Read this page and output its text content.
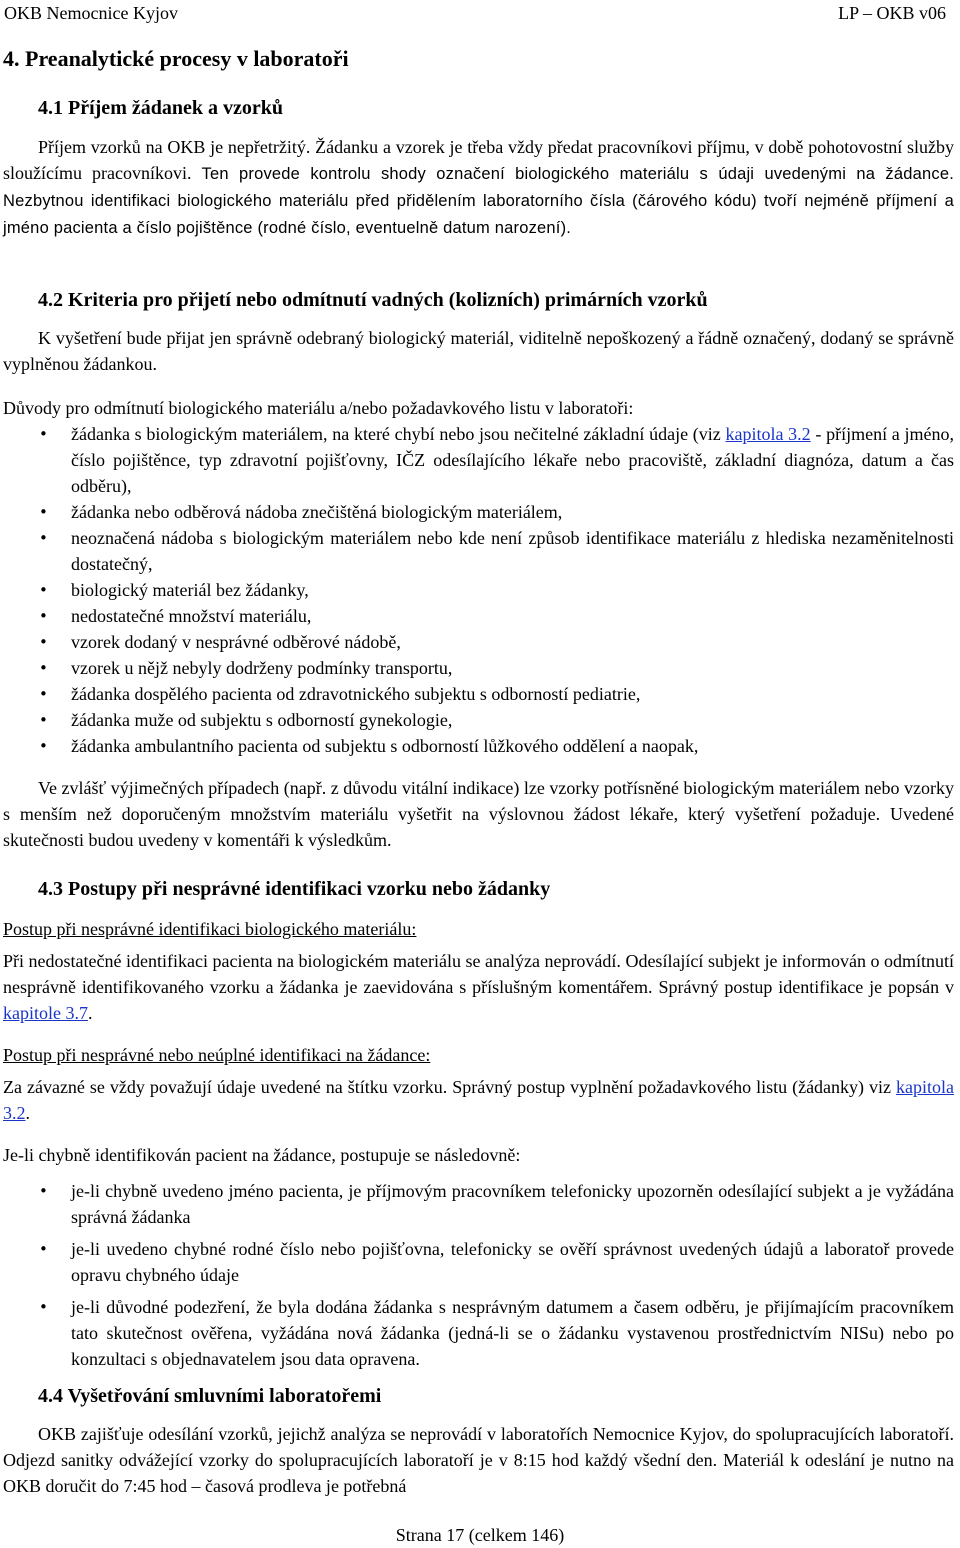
OKB Nemocnice Kyjov	LP – OKB v06
4. Preanalytické procesy v laboratoři
4.1 Příjem žádanek a vzorků

Příjem vzorků na OKB je nepřetržitý. Žádanku a vzorek je třeba vždy předat pracovníkovi příjmu, v době pohotovostní služby sloužícímu pracovníkovi. Ten provede kontrolu shody označení biologického materiálu s údaji uvedenými na žádance. Nezbytnou identifikaci biologického materiálu před přidělením laboratorního čísla (čárového kódu) tvoří nejméně příjmení a jméno pacienta a číslo pojištěnce (rodné číslo, eventuelně datum narození).

4.2 Kriteria pro přijetí nebo odmítnutí vadných (kolizních) primárních vzorků

K vyšetření bude přijat jen správně odebraný biologický materiál, viditelně nepoškozený a řádně označený, dodaný se správně vyplněnou žádankou.

Důvody pro odmítnutí biologického materiálu a/nebo požadavkového listu v laboratoři:

• žádanka s biologickým materiálem, na které chybí nebo jsou nečitelné základní údaje (viz kapitola 3.2 - příjmení a jméno, číslo pojištěnce, typ zdravotní pojišťovny, IČZ odesílajícího lékaře nebo pracoviště, základní diagnóza, datum a čas odběru),
• žádanka nebo odběrová nádoba znečištěná biologickým materiálem,
• neoznačená nádoba s biologickým materiálem nebo kde není způsob identifikace materiálu z hlediska nezaměnitelnosti dostatečný,
• biologický materiál bez žádanky,
• nedostatečné množství materiálu,
• vzorek dodaný v nesprávné odběrové nádobě,
• vzorek u nějž nebyly dodrženy podmínky transportu,
• žádanka dospělého pacienta od zdravotnického subjektu s odborností pediatrie,
• žádanka muže od subjektu s odborností gynekologie,
• žádanka ambulantního pacienta od subjektu s odborností lůžkového oddělení a naopak,

Ve zvlášť výjimečných případech (např. z důvodu vitální indikace) lze vzorky potřísněné biologickým materiálem nebo vzorky s menším než doporučeným množstvím materiálu vyšetřit na výslovnou žádost lékaře, který vyšetření požaduje. Uvedené skutečnosti budou uvedeny v komentáři k výsledkům.

4.3 Postupy při nesprávné identifikaci vzorku nebo žádanky

Postup při nesprávné identifikaci biologického materiálu:

Při nedostatečné identifikaci pacienta na biologickém materiálu se analýza neprovádí. Odesílající subjekt je informován o odmítnutí nesprávně identifikovaného vzorku a žádanka je zaevidována s příslušným komentářem. Správný postup identifikace je popsán v kapitole 3.7.

Postup při nesprávné nebo neúplné identifikaci na žádance:

Za závazné se vždy považují údaje uvedené na štítku vzorku. Správný postup vyplnění požadavkového listu (žádanky) viz kapitola 3.2.

Je-li chybně identifikován pacient na žádance, postupuje se následovně:

• je-li chybně uvedeno jméno pacienta, je příjmovým pracovníkem telefonicky upozorněn odesílající subjekt a je vyžádána správná žádanka
• je-li uvedeno chybné rodné číslo nebo pojišťovna, telefonicky se ověří správnost uvedených údajů a laboratoř provede opravu chybného údaje
• je-li důvodné podezření, že byla dodána žádanka s nesprávným datumem a časem odběru, je přijímajícím pracovníkem tato skutečnost ověřena, vyžádána nová žádanka (jedná-li se o žádanku vystavenou prostřednictvím NISu) nebo po konzultaci s objednavatelem jsou data opravena.
4.4 Vyšetřování smluvními laboratořemi

OKB zajišťuje odesílání vzorků, jejichž analýza se neprovádí v laboratořích Nemocnice Kyjov, do spolupracujících laboratoří. Odjezd sanitky odvážející vzorky do spolupracujících laboratoří je v 8:15 hod každý všední den. Materiál k odeslání je nutno na OKB doručit do 7:45 hod – časová prodleva je potřebná

Strana 17 (celkem 146)
